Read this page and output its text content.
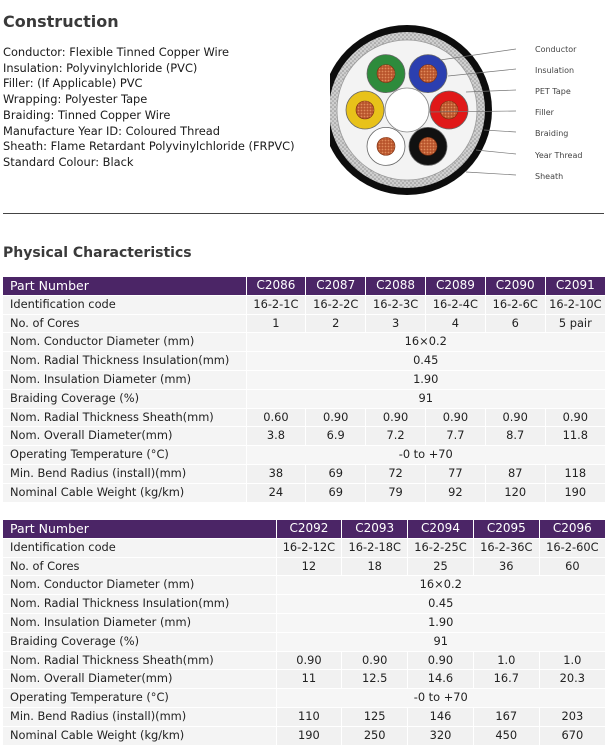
Construction
Conductor: Flexible Tinned Copper Wire
Insulation: Polyvinylchloride (PVC)
Filler: (If Applicable) PVC
Wrapping: Polyester Tape
Braiding: Tinned Copper Wire
Manufacture Year ID: Coloured Thread
Sheath: Flame Retardant Polyvinylchloride (FRPVC)
Standard Colour: Black
Conductor
Insulation
PET Tape
Filler
Braiding
Year Thread
Sheath
Physical Characteristics
Part Number	C2086	C2087	C2088	C2089	C2090	C2091
Identification code	16-2-1C	16-2-2C	16-2-3C	16-2-4C	16-2-6C	16-2-10C
No. of Cores	1	2	3	4	6	5 pair
Nom. Conductor Diameter (mm)	16×0.2					
Nom. Radial Thickness Insulation(mm)	0.45					
Nom. Insulation Diameter (mm)	1.90					
Braiding Coverage (%)	91					
Nom. Radial Thickness Sheath(mm)	0.60	0.90	0.90	0.90	0.90	0.90
Nom. Overall Diameter(mm)	3.8	6.9	7.2	7.7	8.7	11.8
Operating Temperature (°C)	-0 to +70					
Min. Bend Radius (install)(mm)	38	69	72	77	87	118
Nominal Cable Weight (kg/km)	24	69	79	92	120	190
Part Number	C2092	C2093	C2094	C2095	C2096
Identification code	16-2-12C	16-2-18C	16-2-25C	16-2-36C	16-2-60C
No. of Cores	12	18	25	36	60
Nom. Conductor Diameter (mm)	16×0.2				
Nom. Radial Thickness Insulation(mm)	0.45				
Nom. Insulation Diameter (mm)	1.90				
Braiding Coverage (%)	91				
Nom. Radial Thickness Sheath(mm)	0.90	0.90	0.90	1.0	1.0
Nom. Overall Diameter(mm)	11	12.5	14.6	16.7	20.3
Operating Temperature (°C)	-0 to +70				
Min. Bend Radius (install)(mm)	110	125	146	167	203
Nominal Cable Weight (kg/km)	190	250	320	450	670
